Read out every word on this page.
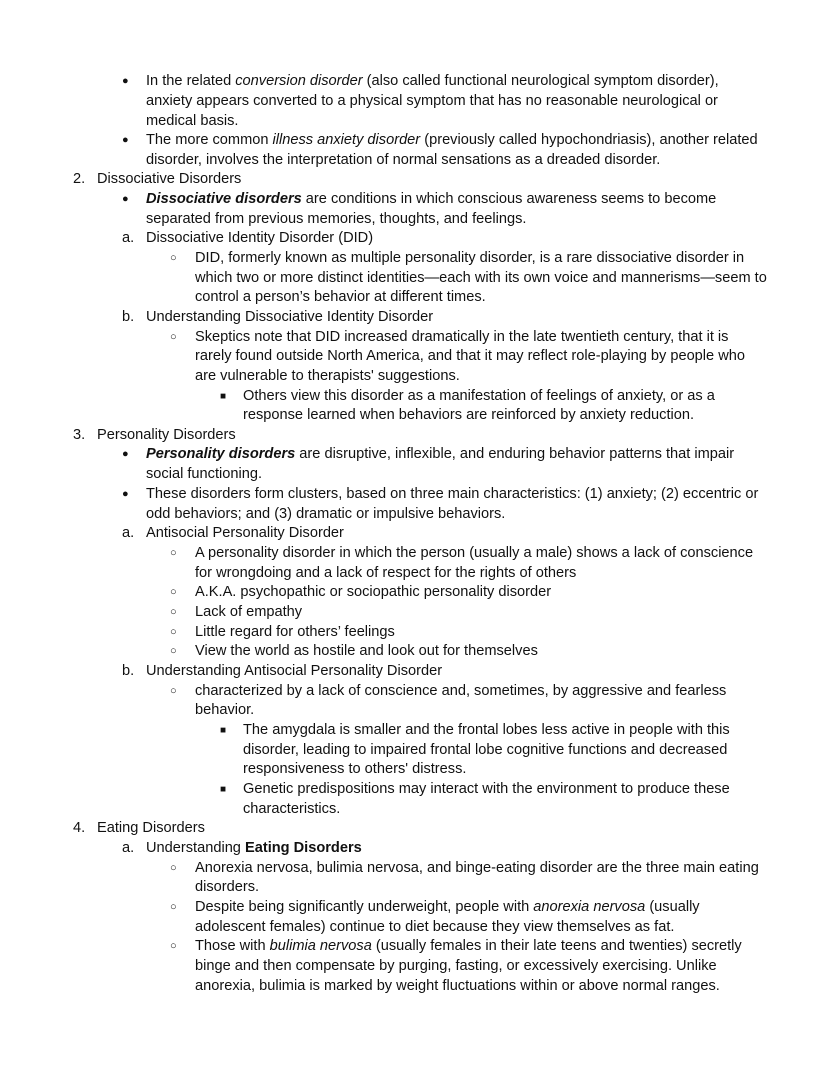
● In the related conversion disorder (also called functional neurological symptom disorder),
anxiety appears converted to a physical symptom that has no reasonable neurological or
medical basis.
● The more common illness anxiety disorder (previously called hypochondriasis), another related
disorder, involves the interpretation of normal sensations as a dreaded disorder.
2. Dissociative Disorders
● Dissociative disorders are conditions in which conscious awareness seems to become
separated from previous memories, thoughts, and feelings.
a. Dissociative Identity Disorder (DID)
○ DID, formerly known as multiple personality disorder, is a rare dissociative disorder in
which two or more distinct identities—each with its own voice and mannerisms—seem to
control a person’s behavior at different times.
b. Understanding Dissociative Identity Disorder
○ Skeptics note that DID increased dramatically in the late twentieth century, that it is
rarely found outside North America, and that it may reflect role-playing by people who
are vulnerable to therapists' suggestions.
■ Others view this disorder as a manifestation of feelings of anxiety, or as a
response learned when behaviors are reinforced by anxiety reduction.
3. Personality Disorders
● Personality disorders are disruptive, inflexible, and enduring behavior patterns that impair
social functioning.
● These disorders form clusters, based on three main characteristics: (1) anxiety; (2) eccentric or
odd behaviors; and (3) dramatic or impulsive behaviors.
a. Antisocial Personality Disorder
○ A personality disorder in which the person (usually a male) shows a lack of conscience
for wrongdoing and a lack of respect for the rights of others
○ A.K.A. psychopathic or sociopathic personality disorder
○ Lack of empathy
○ Little regard for others’ feelings
○ View the world as hostile and look out for themselves
b. Understanding Antisocial Personality Disorder
○ characterized by a lack of conscience and, sometimes, by aggressive and fearless
behavior.
■ The amygdala is smaller and the frontal lobes less active in people with this
disorder, leading to impaired frontal lobe cognitive functions and decreased
responsiveness to others' distress.
■ Genetic predispositions may interact with the environment to produce these
characteristics.
4. Eating Disorders
a. Understanding Eating Disorders
○ Anorexia nervosa, bulimia nervosa, and binge-eating disorder are the three main eating
disorders.
○ Despite being significantly underweight, people with anorexia nervosa (usually
adolescent females) continue to diet because they view themselves as fat.
○ Those with bulimia nervosa (usually females in their late teens and twenties) secretly
binge and then compensate by purging, fasting, or excessively exercising. Unlike
anorexia, bulimia is marked by weight fluctuations within or above normal ranges.
